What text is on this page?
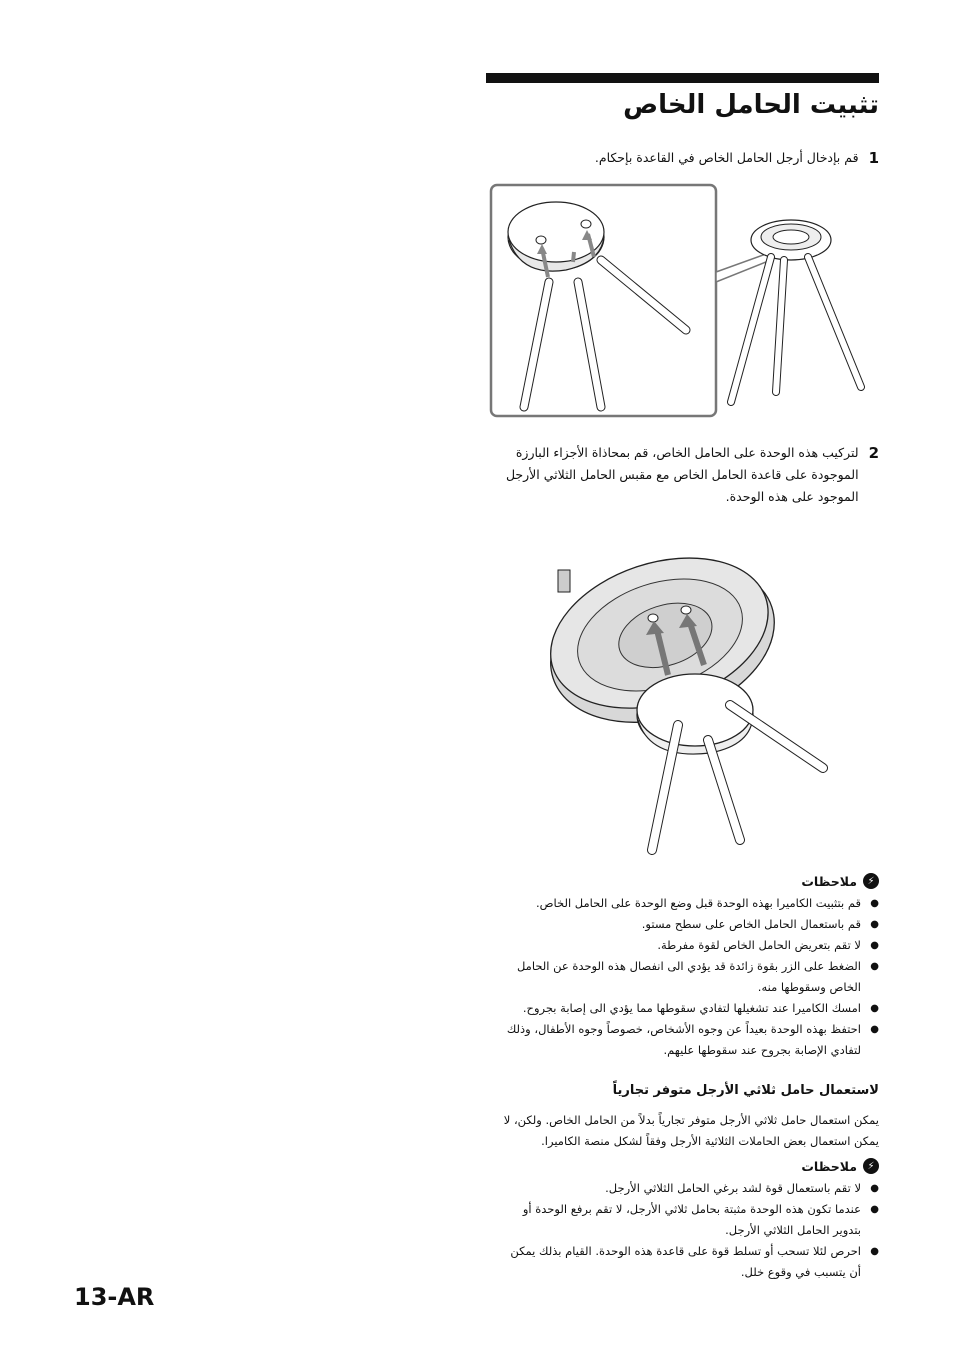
تثبيت الحامل الخاص
1
قم بإدخال أرجل الحامل الخاص في القاعدة بإحكام.
2
لتركيب هذه الوحدة على الحامل الخاص، قم بمحاذاة الأجزاء البارزة الموجودة على قاعدة الحامل الخاص مع مقبس الحامل الثلاثي الأرجل الموجود على هذه الوحدة.
⚡
ملاحظات
● قم بتثبيت الكاميرا بهذه الوحدة قبل وضع الوحدة على الحامل الخاص.
● قم باستعمال الحامل الخاص على سطح مستو.
● لا تقم بتعريض الحامل الخاص لقوة مفرطة.
● الضغط على الزر بقوة زائدة قد يؤدي الى انفصال هذه الوحدة عن الحامل الخاص وسقوطها منه.
● امسك الكاميرا عند تشغيلها لتفادي سقوطها مما يؤدي الى إصابة بجروح.
● احتفظ بهذه الوحدة بعيداً عن وجوه الأشخاص، خصوصاً وجوه الأطفال، وذلك لتفادي الإصابة بجروح عند سقوطها عليهم.
لاستعمال حامل ثلاثي الأرجل متوفر تجارياً
يمكن استعمال حامل ثلاثي الأرجل متوفر تجارياً بدلاً من الحامل الخاص. ولكن، لا يمكن استعمال بعض الحاملات الثلاثية الأرجل وفقاً لشكل منصة الكاميرا.
⚡
ملاحظات
● لا تقم باستعمال قوة لشد برغي الحامل الثلاثي الأرجل.
● عندما تكون هذه الوحدة مثبتة بحامل ثلاثي الأرجل، لا تقم برفع الوحدة أو بتدوير الحامل الثلاثي الأرجل.
● احرص لئلا تسحب أو تسلط قوة على قاعدة هذه الوحدة. القيام بذلك يمكن أن يتسبب في وقوع خلل.
13-AR
